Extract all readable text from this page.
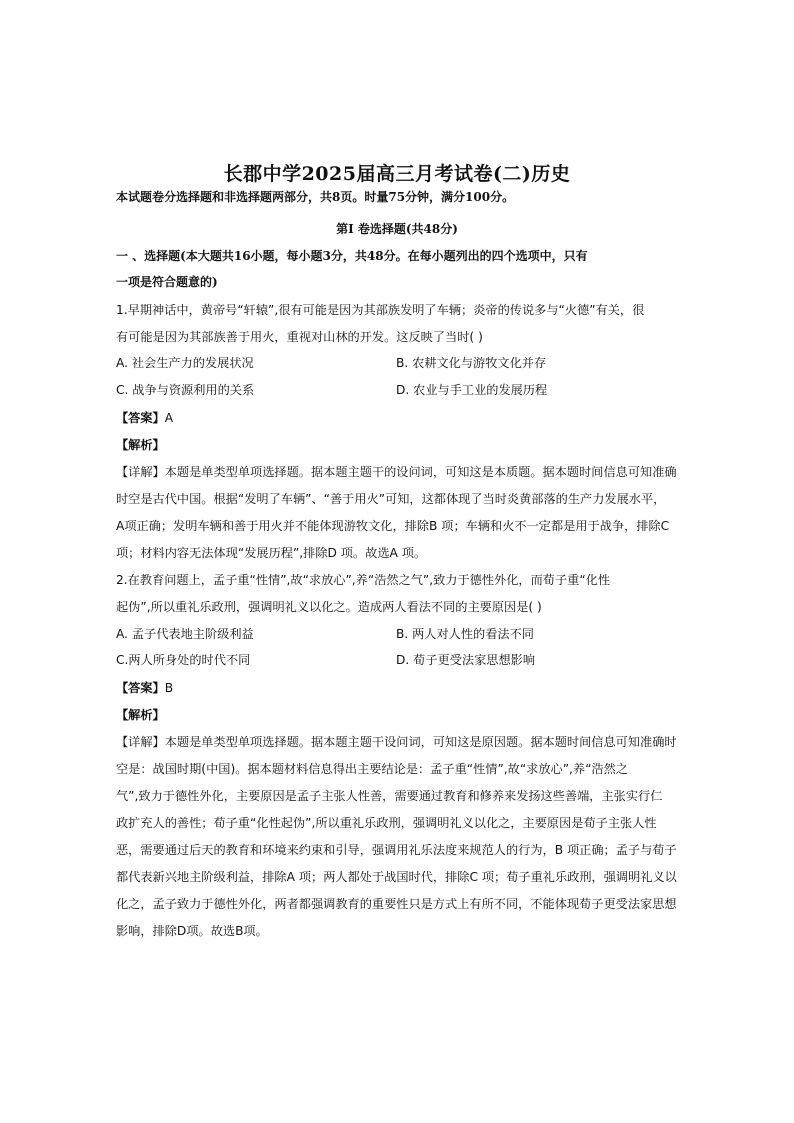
长郡中学2025届高三月考试卷(二)历史
本试题卷分选择题和非选择题两部分，共8页。时量75分钟，满分100分。
第Ⅰ 卷选择题(共48分)
一 、选择题(本大题共16小题，每小题3分，共48分。在每小题列出的四个选项中，只有
一项是符合题意的)
1.早期神话中，黄帝号“轩辕”,很有可能是因为其部族发明了车辆；炎帝的传说多与“火德”有关，很
有可能是因为其部族善于用火，重视对山林的开发。这反映了当时( )
A. 社会生产力的发展状况	B. 农耕文化与游牧文化并存
C. 战争与资源利用的关系	D. 农业与手工业的发展历程
【答案】A
【解析】
【详解】本题是单类型单项选择题。据本题主题干的设问词，可知这是本质题。据本题时间信息可知准确
时空是古代中国。根据“发明了车辆”、“善于用火”可知，这都体现了当时炎黄部落的生产力发展水平，
A项正确；发明车辆和善于用火并不能体现游牧文化，排除B 项；车辆和火不一定都是用于战争，排除C
项；材料内容无法体现“发展历程”,排除D 项。故选A 项。
2.在教育问题上，孟子重“性情”,故“求放心”,养“浩然之气”,致力于德性外化，而荀子重“化性
起伪”,所以重礼乐政刑，强调明礼义以化之。造成两人看法不同的主要原因是( )
A. 孟子代表地主阶级利益	B. 两人对人性的看法不同
C.两人所身处的时代不同	D. 荀子更受法家思想影响
【答案】B
【解析】
【详解】本题是单类型单项选择题。据本题主题干设问词，可知这是原因题。据本题时间信息可知准确时
空是：战国时期(中国)。据本题材料信息得出主要结论是：孟子重“性情”,故“求放心”,养“浩然之
气”,致力于德性外化，主要原因是孟子主张人性善，需要通过教育和修养来发扬这些善端，主张实行仁
政扩充人的善性；荀子重“化性起伪”,所以重礼乐政刑，强调明礼义以化之，主要原因是荀子主张人性
恶，需要通过后天的教育和环境来约束和引导，强调用礼乐法度来规范人的行为，B 项正确；孟子与荀子
都代表新兴地主阶级利益，排除A 项；两人都处于战国时代，排除C 项；荀子重礼乐政刑，强调明礼义以
化之，孟子致力于德性外化，两者都强调教育的重要性只是方式上有所不同，不能体现荀子更受法家思想
影响，排除D项。故选B项。
